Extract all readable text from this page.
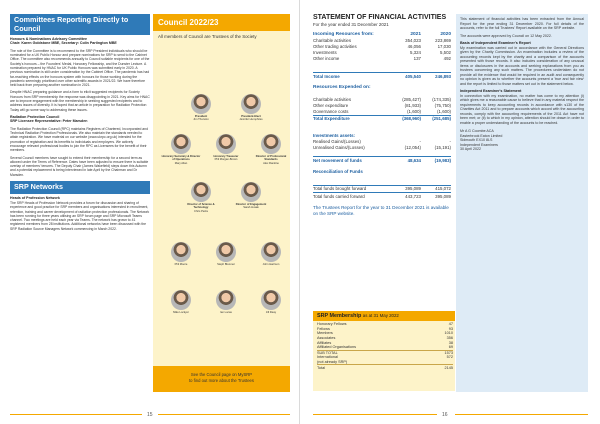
Committees Reporting Directly to Council
Honours & Nominations Advisory Committee
Chair: Karen Goldstone MBE, Secretary: Colin Partington MBE
The role of the Committee is to recommend to the SRP President individuals who should be nominated for a UK Public Honour and prepare nominations for SRP to send to the Cabinet Office. The committee also recommends annually to Council suitable recipients for one of the Society's honours – the Founders' Medal, Honorary Fellowship, and the Dunster Lecture. A nomination prepared by HNAC for UK Public Honours was submitted early in 2020. A previous nomination is still under consideration by the Cabinet Office. The pandemic has had far-reaching effects on the honours system with honours for those working during the pandemic seemingly prioritised over other scientific awards in 2021/22. We have therefore held back from preparing another nomination in 2021.
Despite HNAC preparing guidance and a form to elicit suggested recipients for Society Honours from SRP membership the response was disappointing in 2021. Key aims for HNAC are to improve engagement with the membership in seeking suggested recipients and to address issues of diversity. It is hoped that an article in preparation for Radiation Protection Today will go some way to addressing these issues.
Radiation Protection Council
SRP Licensee Representative: Peter Marsden
The Radiation Protection Council (RPC) maintains Registers of Chartered, Incorporated and Technical Radiation Protection Professionals. We also maintain the standards needed to attain registration. We have material on our website (www.ukrpc.org.uk) intended for the promotion of registration and its benefits to individuals and employers. We actively encourage relevant professional bodies to join the RPC as Licensees for the benefit of their members.
Several Council members have sought to extend their membership for a second term as allowed under the Terms of Reference. Dates have been adjusted to ensure there is suitable overlap of members' tenures. The Deputy Chair (James Wakefield) steps down this Autumn and a potential replacement is being interviewed in late April by the Chairman and Dr Marsden.
SRP Networks
Heads of Profession Network
The SRP Heads of Profession Network provides a forum for discussion and sharing of experience and good practice for SRP members and organisations interested in recruitment, retention, training and career development of radiation protection professionals. The Network has been running for three years utilising an SRP forum page and SRP Microsoft Teams channel. Two meetings are held each year via Teams. The network has grown to 41 registered members from 28 institutions. Additional networks have been discussed with the SRP Radiation Source Managers Network commencing in March 2022.
Council 2022/23
All members of Council are Trustees of the Society
President
Jim Thurston
President-Elect
Jennifer Humphries
Honorary Secretary & Director of Operations
Mary Allan
Honorary Treasurer
Phil Morgan-Brown
Director of Professional Standards
Alex Rankine
Director of Science & Technology
Chris Perks
Director of Engagement
Sarah Husak
Phil Moore	Steph Bloomer	John Harrison
Mike Lockyer	Ian Lucas	Jill Reay
See the Council page on MySRP
to find out more about the Trustees
15
STATEMENT OF FINANCIAL ACTIVITIES
For the year ended 31 December 2021
Incoming Resources from:	2021	2020
Charitable activities	354,023	223,869
Other trading activities	46,056	17,030
Investments	5,324	5,502
Other income	137	492

Total Income	405,540	246,893

Resources Expended on:		

Charitable activities	(285,427)	(174,335)
Other expenditure	(81,933)	(75,750)
Governance costs	(1,600)	(1,600)
Total Expenditure	(368,960)	(251,685)

Investments assets:		
Realised Gains/(Losses)	-	-
Unrealised Gains/(Losses)	(12,054)	(15,191)

Net movement of funds	48,634	(19,983)

Reconciliation of Funds		

Total funds brought forward	395,089	415,072
Total funds carried forward	443,723	395,089
The Trustees Report for the year to 31 December 2021 is available on the SRP website.
SRP Membership as at 31 May 2022
Honorary Fellows	47
Fellows	93
Members	1010
Associates	356
Affiliates	38
Affiliated Organisations	69
SUB TOTAL	1573
International	572
(not already SRP)	
Total	2145

This statement of financial activities has been extracted from the Annual Report for the year ending 31 December 2020. For full details of the accounts, refer to the full Trustees' Report available on the SRP website.

The accounts were approved by Council on 12 May 2022.

Basis of Independent Examiner's Report

My examination was carried out in accordance with the General Directions given by the Charity Commission. An examination includes a review of the accounting records kept by the charity and a comparison of the accounts presented with those records. It also includes consideration of any unusual items or disclosures in the accounts and seeking explanations from you as trustees concerning any such matters. The procedures undertaken do not provide all the evidence that would be required in an audit and consequently no opinion is given as to whether the accounts present a 'true and fair view' and the report is limited to those matters set out in the statement below.

Independent Examiner's Statement

In connection with my examination, no matter has come to my attention (i) which gives me a reasonable cause to believe that in any material respect the requirements to keep accounting records in accordance with s130 of the Charities Act 2011 and to prepare accounts which accord with the accounting records, comply with the accounting requirements of the 2011 Act have not been met; or (ii) to which in my opinion, attention should be drawn in order to enable a proper understanding of the accounts to be reached.

Mr A G Coombe ACA
Easterbrook Eaton Limited
Sidmouth EX10 8LS
Independent Examiners
30 April 2022
16
